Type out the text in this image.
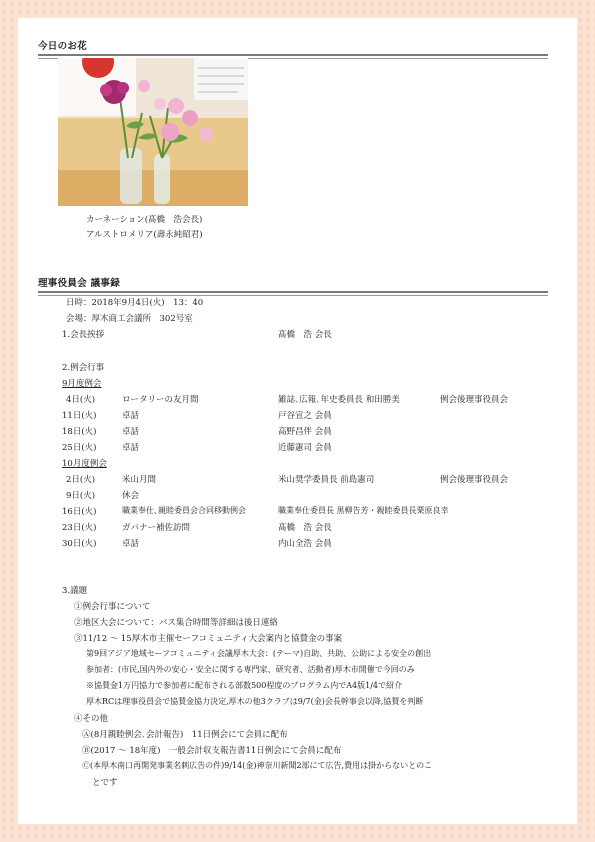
今日のお花
カーネーション(髙橋　浩会長)
アルストロメリア(壽永純昭君)
理事役員会 議事録
日時：2018年9月4日(火)　13：40
会場：厚木商工会議所　302号室
1.会長挨拶	髙橋　浩 会長
2.例会行事
9月度例会
4日(火)	ロータリーの友月間	雑誌､広報､年史委員長 和田勝美	例会後理事役員会
11日(火)	卓話	戸谷宣之 会員
18日(火)	卓話	高野昌伴 会員
25日(火)	卓話	近藤憲司 会員
10月度例会
2日(火)	米山月間	米山奨学委員長 前島憲司	例会後理事役員会
9日(火)	休会
16日(火)	職業奉仕､親睦委員会合同移動例会	職業奉仕委員長 黒柳告芳・親睦委員長栗原良幸
23日(火)	ガバナー補佐訪問	髙橋　浩 会長
30日(火)	卓話	内山全浩 会員
3.議題
①例会行事について
②地区大会について：バス集合時間等詳細は後日連絡
③11/12 ～ 15厚木市主催セーフコミュニティ大会案内と協賛金の事案
第9回アジア地域セーフコミュニティ会議厚木大会：(テーマ)自助、共助、公助による安全の創出
参加者：(市民,国内外の安心・安全に関する専門家、研究者、活動者)厚木市開催で今回のみ
※協賛金1万円協力で参加者に配布される部数500程度のプログラム内でA4版1/4で紹介
厚木RCは理事役員会で協賛金協力決定,厚木の他3クラブは9/7(金)会長幹事会以降,協賛を判断
④その他
Ⓐ(8月親睦例会､会計報告)　11日例会にて会員に配布
Ⓑ(2017 ～ 18年度)　一般会計収支報告書11日例会にて会員に配布
Ⓒ(本厚木南口再開発事業名刺広告の件)9/14(金)神奈川新聞2部にて広告,費用は掛からないとのこ
とです
